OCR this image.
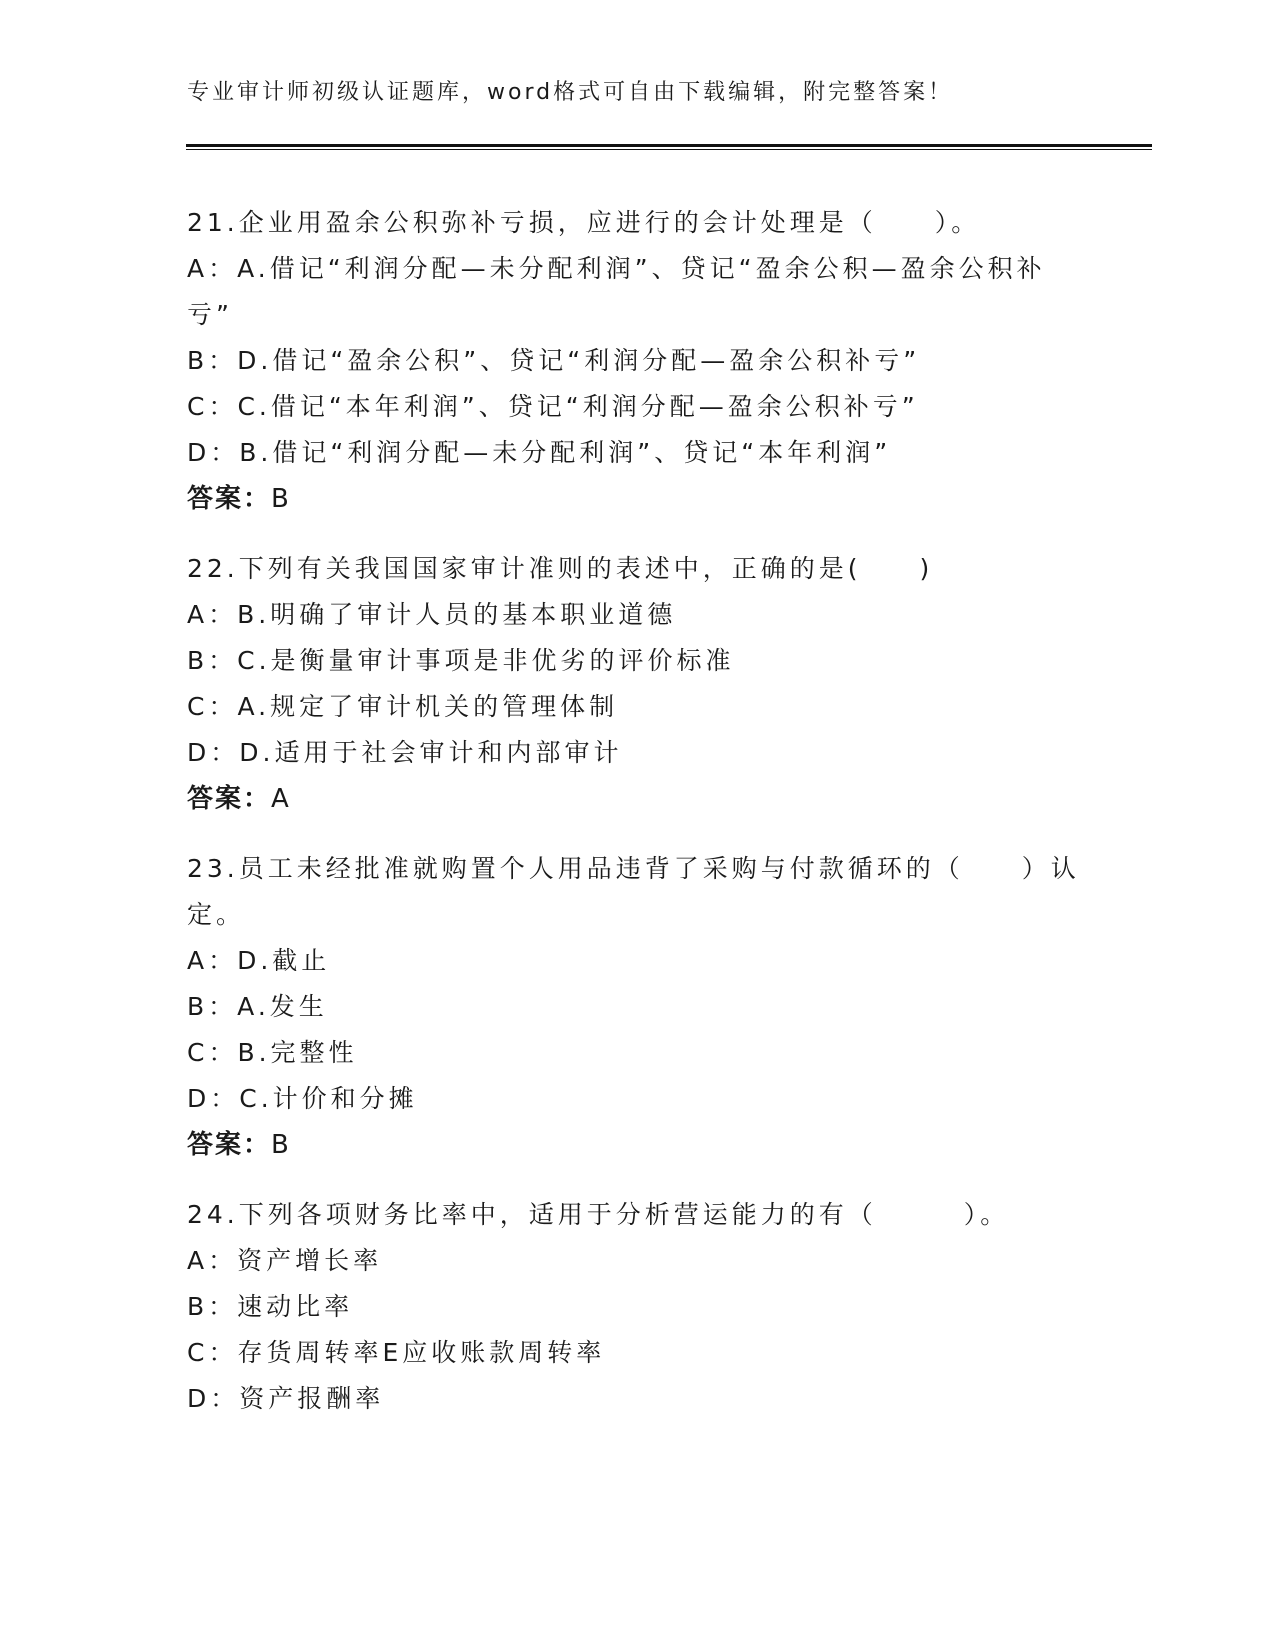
专业审计师初级认证题库，word格式可自由下载编辑，附完整答案！

21.企业用盈余公积弥补亏损，应进行的会计处理是（　　）。

A：A.借记“利润分配—未分配利润”、贷记“盈余公积—盈余公积补亏”

B：D.借记“盈余公积”、贷记“利润分配—盈余公积补亏”

C：C.借记“本年利润”、贷记“利润分配—盈余公积补亏”

D：B.借记“利润分配—未分配利润”、贷记“本年利润”

答案：B

22.下列有关我国国家审计准则的表述中，正确的是(　　)

A：B.明确了审计人员的基本职业道德

B：C.是衡量审计事项是非优劣的评价标准

C：A.规定了审计机关的管理体制

D：D.适用于社会审计和内部审计

答案：A

23.员工未经批准就购置个人用品违背了采购与付款循环的（　　）认定。

A：D.截止

B：A.发生

C：B.完整性

D：C.计价和分摊

答案：B

24.下列各项财务比率中，适用于分析营运能力的有（　　　）。

A：资产增长率

B：速动比率

C：存货周转率E应收账款周转率

D：资产报酬率
